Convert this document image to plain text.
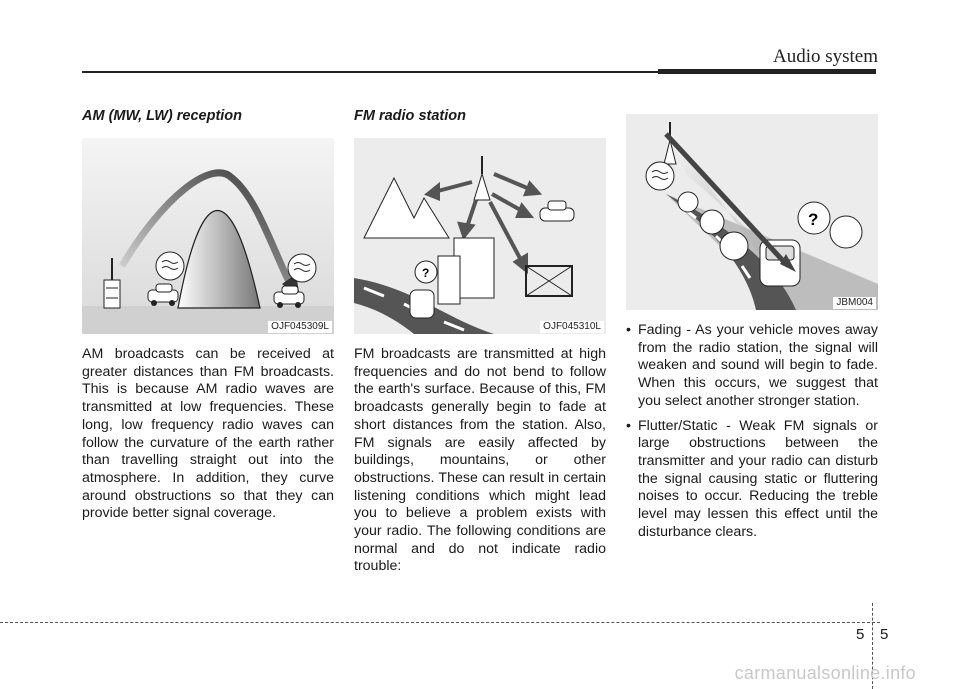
Audio system
AM (MW, LW) reception
OJF045309L

AM broadcasts can be received at greater distances than FM broadcasts. This is because AM radio waves are transmitted at low frequencies. These long, low frequency radio waves can follow the curvature of the earth rather than travelling straight out into the atmosphere. In addition, they curve around obstructions so that they can provide better signal coverage.

FM radio station
?
OJF045310L

FM broadcasts are transmitted at high frequencies and do not bend to follow the earth's surface. Because of this, FM broadcasts generally begin to fade at short distances from the station. Also, FM signals are easily affected by buildings, mountains, or other obstructions. These can result in certain listening conditions which might lead you to believe a problem exists with your radio. The following conditions are normal and do not indicate radio trouble:

?
JBM004
• Fading - As your vehicle moves away from the radio station, the signal will weaken and sound will begin to fade. When this occurs, we suggest that you select another stronger station.
• Flutter/Static - Weak FM signals or large obstructions between the transmitter and your radio can disturb the signal causing static or fluttering noises to occur. Reducing the treble level may lessen this effect until the disturbance clears.
5 5
carmanualsonline.info
